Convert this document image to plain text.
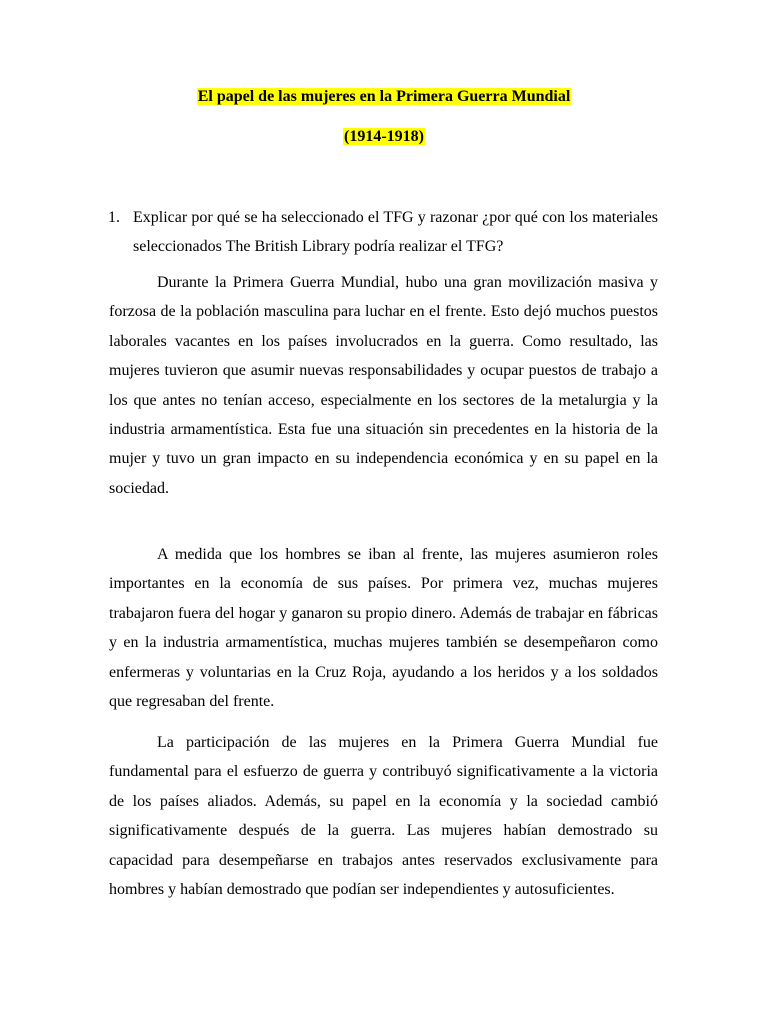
El papel de las mujeres en la Primera Guerra Mundial
(1914-1918)
1. Explicar por qué se ha seleccionado el TFG y razonar ¿por qué con los materiales seleccionados The British Library podría realizar el TFG?

Durante la Primera Guerra Mundial, hubo una gran movilización masiva y forzosa de la población masculina para luchar en el frente. Esto dejó muchos puestos laborales vacantes en los países involucrados en la guerra. Como resultado, las mujeres tuvieron que asumir nuevas responsabilidades y ocupar puestos de trabajo a los que antes no tenían acceso, especialmente en los sectores de la metalurgia y la industria armamentística. Esta fue una situación sin precedentes en la historia de la mujer y tuvo un gran impacto en su independencia económica y en su papel en la sociedad.

A medida que los hombres se iban al frente, las mujeres asumieron roles importantes en la economía de sus países. Por primera vez, muchas mujeres trabajaron fuera del hogar y ganaron su propio dinero. Además de trabajar en fábricas y en la industria armamentística, muchas mujeres también se desempeñaron como enfermeras y voluntarias en la Cruz Roja, ayudando a los heridos y a los soldados que regresaban del frente.

La participación de las mujeres en la Primera Guerra Mundial fue fundamental para el esfuerzo de guerra y contribuyó significativamente a la victoria de los países aliados. Además, su papel en la economía y la sociedad cambió significativamente después de la guerra. Las mujeres habían demostrado su capacidad para desempeñarse en trabajos antes reservados exclusivamente para hombres y habían demostrado que podían ser independientes y autosuficientes.
